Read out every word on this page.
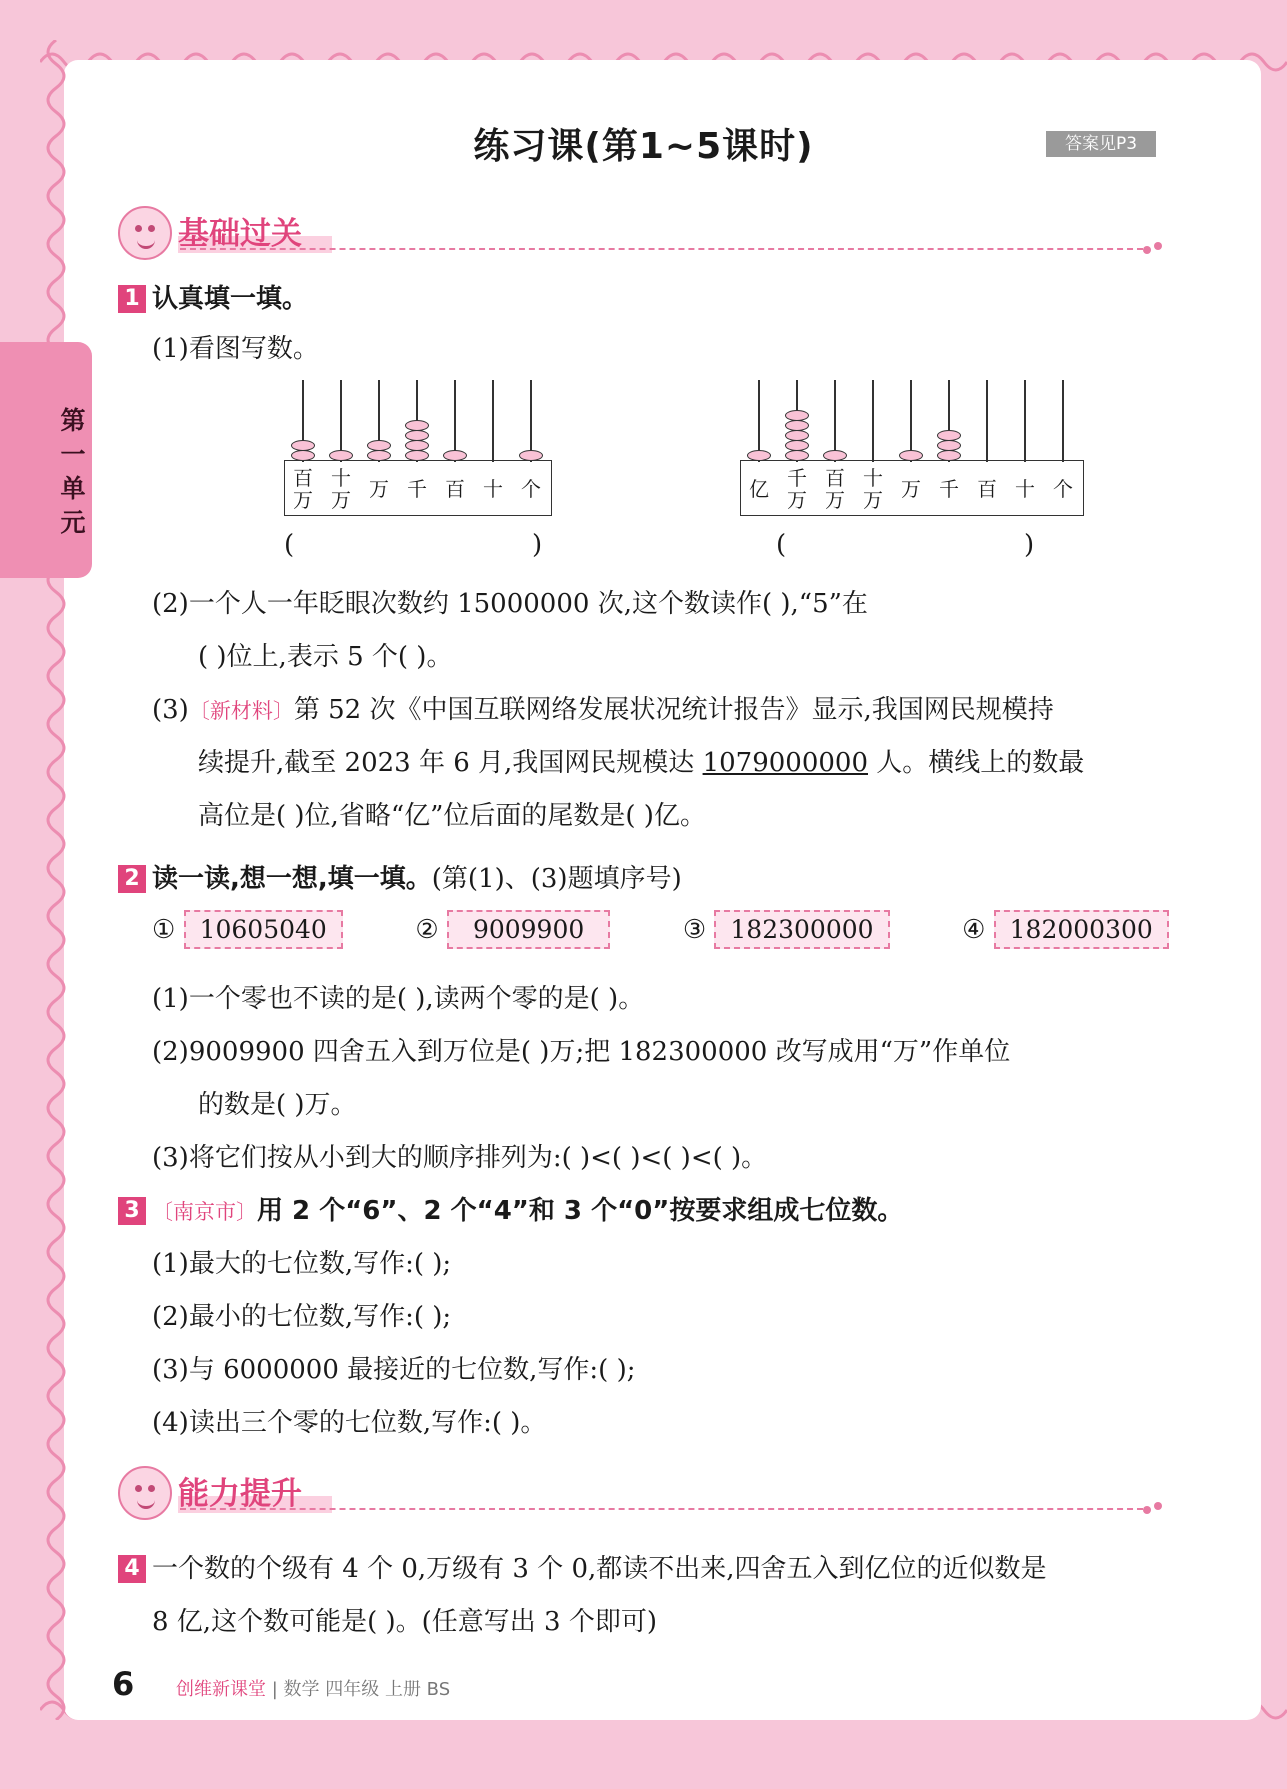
第一单元
练习课(第1~5课时)	答案见P3
基础过关
1 认真填一填。
(1)看图写数。
百
万
十
万 万 千 百 十 个
(	)
亿 千
万
百
万
十
万 万 千 百 十 个
(	)
(2)一个人一年眨眼次数约 15000000 次,这个数读作( ),“5”在
( )位上,表示 5 个( )。
(3)〔新材料〕第 52 次《中国互联网络发展状况统计报告》显示,我国网民规模持
续提升,截至 2023 年 6 月,我国网民规模达 1079000000 人。横线上的数最
高位是( )位,省略“亿”位后面的尾数是( )亿。
2 读一读,想一想,填一填。(第(1)、(3)题填序号)
① 10605040	② 9009900	③ 182300000	④ 182000300
(1)一个零也不读的是( ),读两个零的是( )。
(2)9009900 四舍五入到万位是( )万;把 182300000 改写成用“万”作单位
的数是( )万。
(3)将它们按从小到大的顺序排列为:( )<( )<( )<( )。
3 〔南京市〕用 2 个“6”、2 个“4”和 3 个“0”按要求组成七位数。
(1)最大的七位数,写作:( );
(2)最小的七位数,写作:( );
(3)与 6000000 最接近的七位数,写作:( );
(4)读出三个零的七位数,写作:( )。
能力提升
4 一个数的个级有 4 个 0,万级有 3 个 0,都读不出来,四舍五入到亿位的近似数是
8 亿,这个数可能是( )。(任意写出 3 个即可)
6 创维新课堂 | 数学 四年级 上册 BS
